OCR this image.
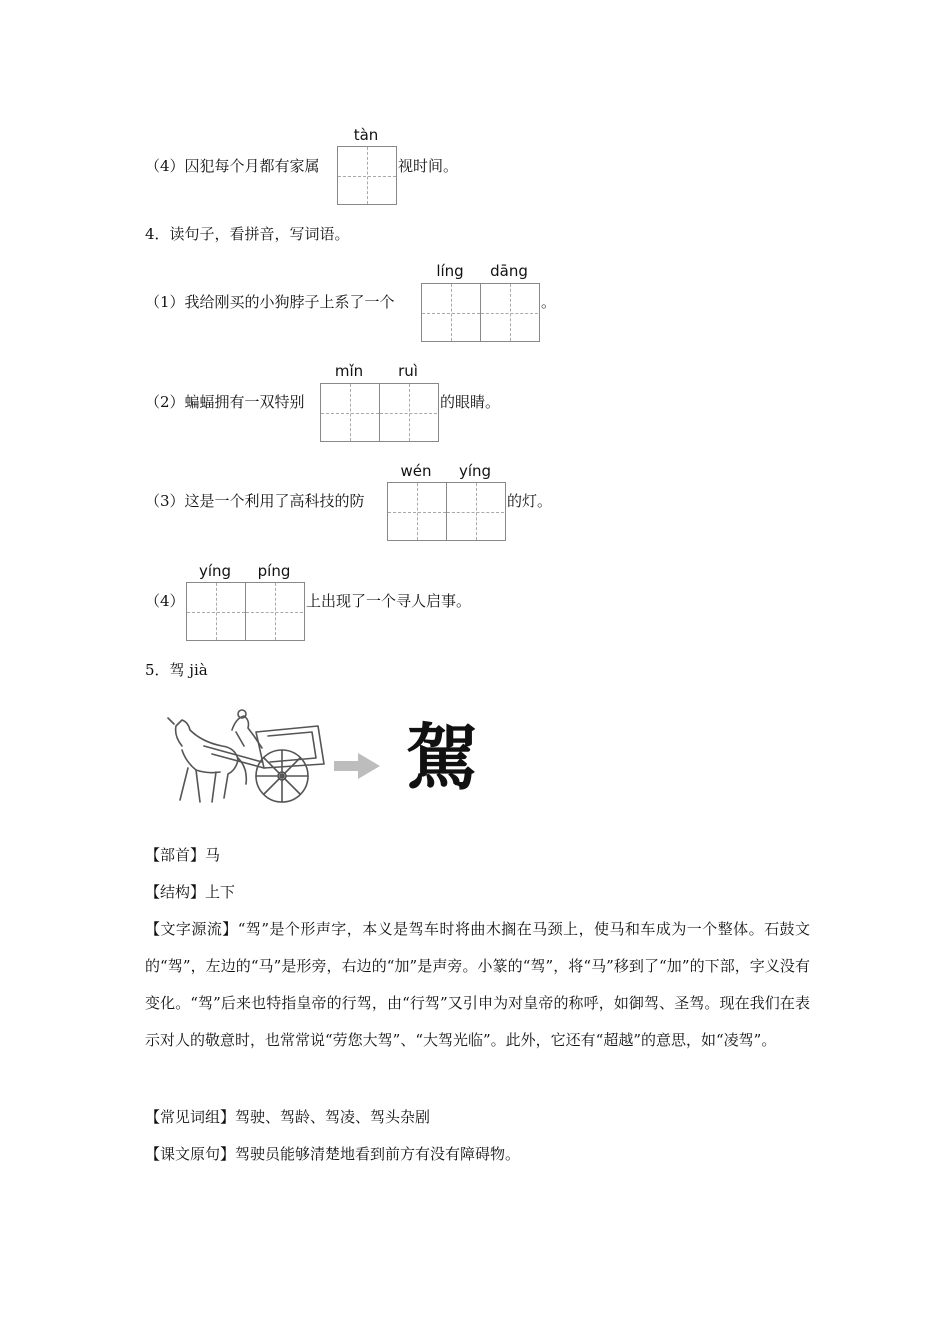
（4）囚犯每个月都有家属
tàn
视时间。
4．读句子，看拼音，写词语。
（1）我给刚买的小狗脖子上系了一个
líng	dāng
。
（2）蝙蝠拥有一双特别
mǐn	ruì
的眼睛。
（3）这是一个利用了高科技的防
wén	yíng
的灯。
（4）
yíng	píng
上出现了一个寻人启事。
5．驾 jià
駕
【部首】马
【结构】上下
【文字源流】“驾”是个形声字，本义是驾车时将曲木搁在马颈上，使马和车成为一个整体。石鼓文的“驾”，左边的“马”是形旁，右边的“加”是声旁。小篆的“驾”，将“马”移到了“加”的下部，字义没有变化。“驾”后来也特指皇帝的行驾，由“行驾”又引申为对皇帝的称呼，如御驾、圣驾。现在我们在表示对人的敬意时，也常常说“劳您大驾”、“大驾光临”。此外，它还有“超越”的意思，如“凌驾”。
【常见词组】驾驶、驾龄、驾凌、驾头杂剧
【课文原句】驾驶员能够清楚地看到前方有没有障碍物。
